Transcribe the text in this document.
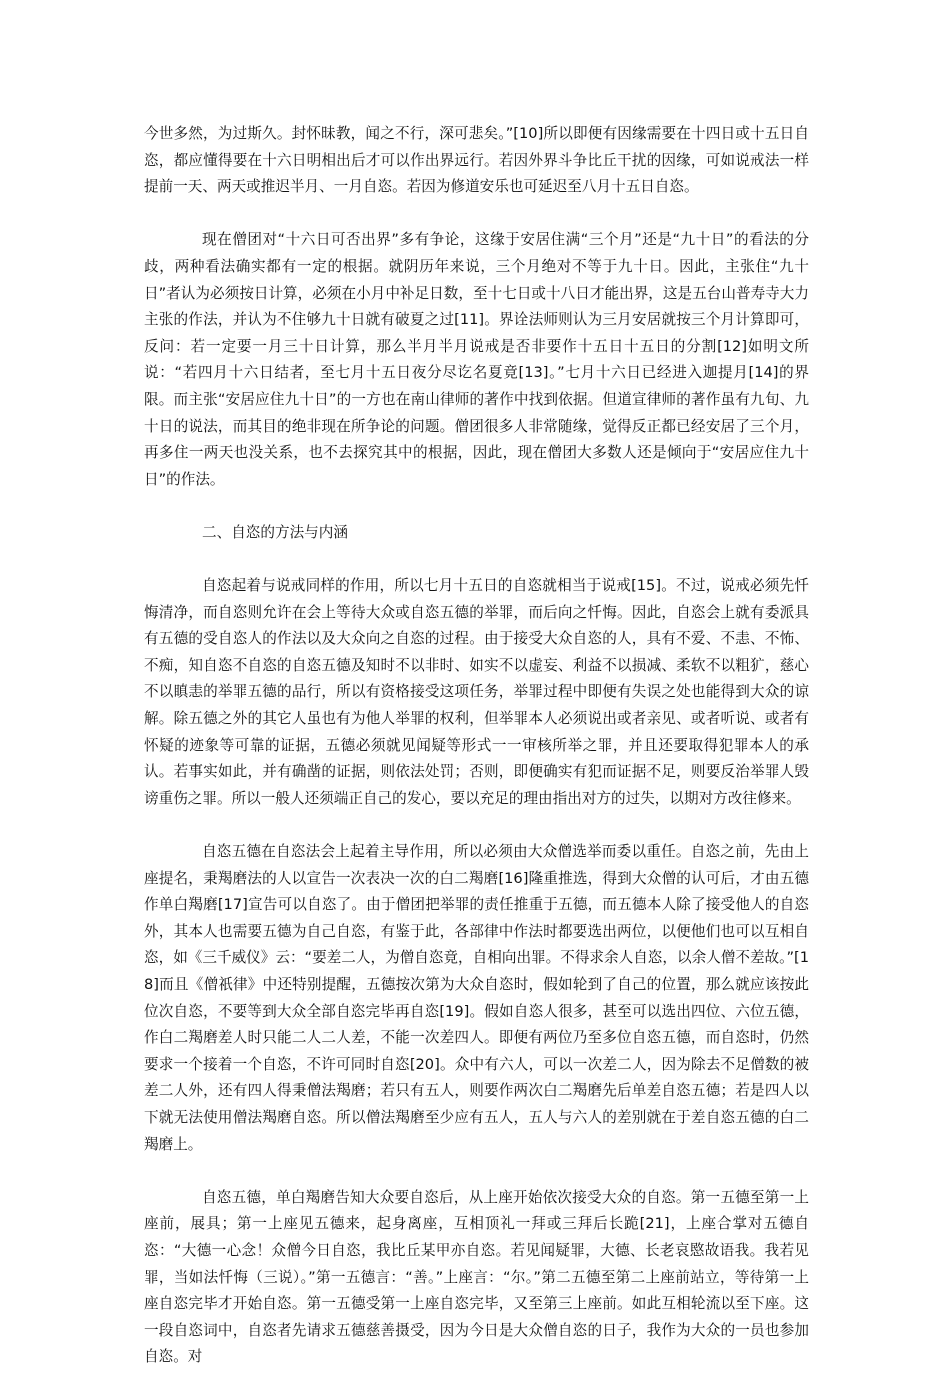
今世多然，为过斯久。封怀昧教，闻之不行，深可悲矣。”[10]所以即便有因缘需要在十四日或十五日自恣，都应懂得要在十六日明相出后才可以作出界远行。若因外界斗争比丘干扰的因缘，可如说戒法一样提前一天、两天或推迟半月、一月自恣。若因为修道安乐也可延迟至八月十五日自恣。

现在僧团对“十六日可否出界”多有争论，这缘于安居住满“三个月”还是“九十日”的看法的分歧，两种看法确实都有一定的根据。就阴历年来说，三个月绝对不等于九十日。因此，主张住“九十日”者认为必须按日计算，必须在小月中补足日数，至十七日或十八日才能出界，这是五台山普寿寺大力主张的作法，并认为不住够九十日就有破夏之过[11]。界诠法师则认为三月安居就按三个月计算即可，反问：若一定要一月三十日计算，那么半月半月说戒是否非要作十五日十五日的分割[12]如明文所说：“若四月十六日结者，至七月十五日夜分尽讫名夏竟[13]。”七月十六日已经进入迦提月[14]的界限。而主张“安居应住九十日”的一方也在南山律师的著作中找到依据。但道宣律师的著作虽有九旬、九十日的说法，而其目的绝非现在所争论的问题。僧团很多人非常随缘，觉得反正都已经安居了三个月，再多住一两天也没关系，也不去探究其中的根据，因此，现在僧团大多数人还是倾向于“安居应住九十日”的作法。

二、自恣的方法与内涵

自恣起着与说戒同样的作用，所以七月十五日的自恣就相当于说戒[15]。不过，说戒必须先忏悔清净，而自恣则允许在会上等待大众或自恣五德的举罪，而后向之忏悔。因此，自恣会上就有委派具有五德的受自恣人的作法以及大众向之自恣的过程。由于接受大众自恣的人，具有不爱、不恚、不怖、不痴，知自恣不自恣的自恣五德及知时不以非时、如实不以虚妄、利益不以损减、柔软不以粗犷，慈心不以瞋恚的举罪五德的品行，所以有资格接受这项任务，举罪过程中即便有失误之处也能得到大众的谅解。除五德之外的其它人虽也有为他人举罪的权利，但举罪本人必须说出或者亲见、或者听说、或者有怀疑的迹象等可靠的证据，五德必须就见闻疑等形式一一审核所举之罪，并且还要取得犯罪本人的承认。若事实如此，并有确凿的证据，则依法处罚；否则，即便确实有犯而证据不足，则要反治举罪人毁谤重伤之罪。所以一般人还须端正自己的发心，要以充足的理由指出对方的过失，以期对方改往修来。

自恣五德在自恣法会上起着主导作用，所以必须由大众僧选举而委以重任。自恣之前，先由上座提名，秉羯磨法的人以宣告一次表决一次的白二羯磨[16]隆重推选，得到大众僧的认可后，才由五德作单白羯磨[17]宣告可以自恣了。由于僧团把举罪的责任推重于五德，而五德本人除了接受他人的自恣外，其本人也需要五德为自己自恣，有鉴于此，各部律中作法时都要选出两位，以便他们也可以互相自恣，如《三千威仪》云：“要差二人，为僧自恣竟，自相向出罪。不得求余人自恣，以余人僧不差故。”[18]而且《僧祇律》中还特别提醒，五德按次第为大众自恣时，假如轮到了自己的位置，那么就应该按此位次自恣，不要等到大众全部自恣完毕再自恣[19]。假如自恣人很多，甚至可以选出四位、六位五德，作白二羯磨差人时只能二人二人差，不能一次差四人。即便有两位乃至多位自恣五德，而自恣时，仍然要求一个接着一个自恣，不许可同时自恣[20]。众中有六人，可以一次差二人，因为除去不足僧数的被差二人外，还有四人得秉僧法羯磨；若只有五人，则要作两次白二羯磨先后单差自恣五德；若是四人以下就无法使用僧法羯磨自恣。所以僧法羯磨至少应有五人，五人与六人的差别就在于差自恣五德的白二羯磨上。

自恣五德，单白羯磨告知大众要自恣后，从上座开始依次接受大众的自恣。第一五德至第一上座前，展具；第一上座见五德来，起身离座，互相顶礼一拜或三拜后长跪[21]，上座合掌对五德自恣：“大德一心念！众僧今日自恣，我比丘某甲亦自恣。若见闻疑罪，大德、长老哀愍故语我。我若见罪，当如法忏悔（三说）。”第一五德言：“善。”上座言：“尔。”第二五德至第二上座前站立，等待第一上座自恣完毕才开始自恣。第一五德受第一上座自恣完毕，又至第三上座前。如此互相轮流以至下座。这一段自恣词中，自恣者先请求五德慈善摄受，因为今日是大众僧自恣的日子，我作为大众的一员也参加自恣。对
